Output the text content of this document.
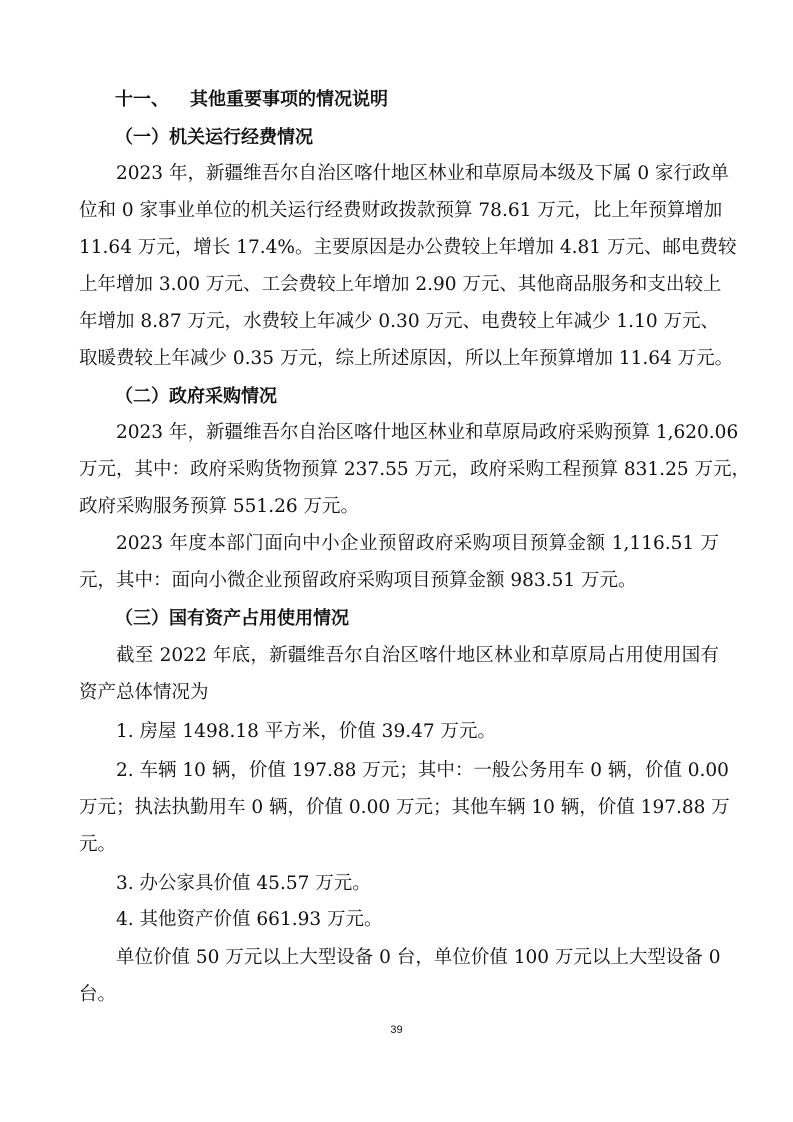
十一、 其他重要事项的情况说明
（一）机关运行经费情况
2023 年，新疆维吾尔自治区喀什地区林业和草原局本级及下属 0 家行政单
位和 0 家事业单位的机关运行经费财政拨款预算 78.61 万元，比上年预算增加
11.64 万元，增长 17.4%。主要原因是办公费较上年增加 4.81 万元、邮电费较
上年增加 3.00 万元、工会费较上年增加 2.90 万元、其他商品服务和支出较上
年增加 8.87 万元，水费较上年减少 0.30 万元、电费较上年减少 1.10 万元、
取暖费较上年减少 0.35 万元，综上所述原因，所以上年预算增加 11.64 万元。
（二）政府采购情况
2023 年，新疆维吾尔自治区喀什地区林业和草原局政府采购预算 1,620.06
万元，其中：政府采购货物预算 237.55 万元，政府采购工程预算 831.25 万元，
政府采购服务预算 551.26 万元。
2023 年度本部门面向中小企业预留政府采购项目预算金额 1,116.51 万
元，其中：面向小微企业预留政府采购项目预算金额 983.51 万元。
（三）国有资产占用使用情况
截至 2022 年底，新疆维吾尔自治区喀什地区林业和草原局占用使用国有
资产总体情况为
1. 房屋 1498.18 平方米，价值 39.47 万元。
2. 车辆 10 辆，价值 197.88 万元；其中：一般公务用车 0 辆，价值 0.00
万元；执法执勤用车 0 辆，价值 0.00 万元；其他车辆 10 辆，价值 197.88 万
元。
3. 办公家具价值 45.57 万元。
4. 其他资产价值 661.93 万元。
单位价值 50 万元以上大型设备 0 台，单位价值 100 万元以上大型设备 0
台。
39
